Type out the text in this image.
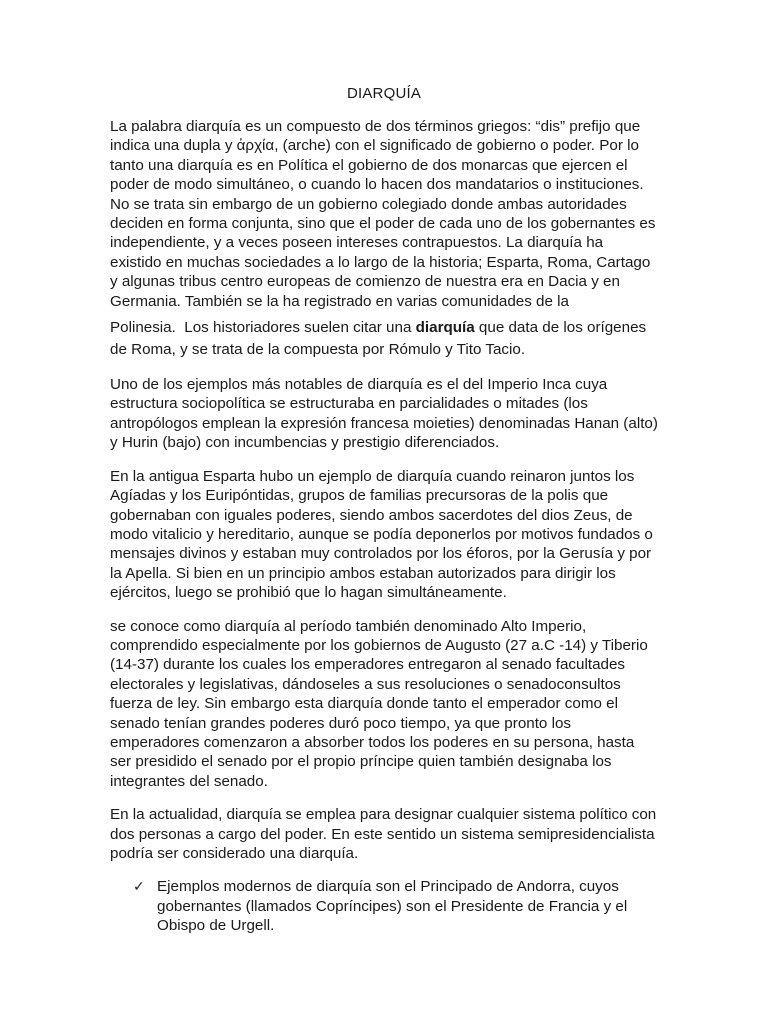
DIARQUÍA

La palabra diarquía es un compuesto de dos términos griegos: “dis” prefijo que indica una dupla y ἀρχία, (arche) con el significado de gobierno o poder. Por lo tanto una diarquía es en Política el gobierno de dos monarcas que ejercen el poder de modo simultáneo, o cuando lo hacen dos mandatarios o instituciones. No se trata sin embargo de un gobierno colegiado donde ambas autoridades deciden en forma conjunta, sino que el poder de cada uno de los gobernantes es independiente, y a veces poseen intereses contrapuestos. La diarquía ha existido en muchas sociedades a lo largo de la historia; Esparta, Roma, Cartago y algunas tribus centro europeas de comienzo de nuestra era en Dacia y en Germania. También se la ha registrado en varias comunidades de la
Polinesia.  Los historiadores suelen citar una diarquía que data de los orígenes de Roma, y se trata de la compuesta por Rómulo y Tito Tacio.

Uno de los ejemplos más notables de diarquía es el del Imperio Inca cuya estructura sociopolítica se estructuraba en parcialidades o mitades (los antropólogos emplean la expresión francesa moieties) denominadas Hanan (alto) y Hurin (bajo) con incumbencias y prestigio diferenciados.

En la antigua Esparta hubo un ejemplo de diarquía cuando reinaron juntos los Agíadas y los Euripóntidas, grupos de familias precursoras de la polis que gobernaban con iguales poderes, siendo ambos sacerdotes del dios Zeus, de modo vitalicio y hereditario, aunque se podía deponerlos por motivos fundados o mensajes divinos y estaban muy controlados por los éforos, por la Gerusía y por la Apella. Si bien en un principio ambos estaban autorizados para dirigir los ejércitos, luego se prohibió que lo hagan simultáneamente.

se conoce como diarquía al período también denominado Alto Imperio, comprendido especialmente por los gobiernos de Augusto (27 a.C -14) y Tiberio (14-37) durante los cuales los emperadores entregaron al senado facultades electorales y legislativas, dándoseles a sus resoluciones o senadoconsultos fuerza de ley. Sin embargo esta diarquía donde tanto el emperador como el senado tenían grandes poderes duró poco tiempo, ya que pronto los emperadores comenzaron a absorber todos los poderes en su persona, hasta ser presidido el senado por el propio príncipe quien también designaba los integrantes del senado.

En la actualidad, diarquía se emplea para designar cualquier sistema político con dos personas a cargo del poder. En este sentido un sistema semipresidencialista podría ser considerado una diarquía.

✓ Ejemplos modernos de diarquía son el Principado de Andorra, cuyos gobernantes (llamados Copríncipes) son el Presidente de Francia y el Obispo de Urgell.
